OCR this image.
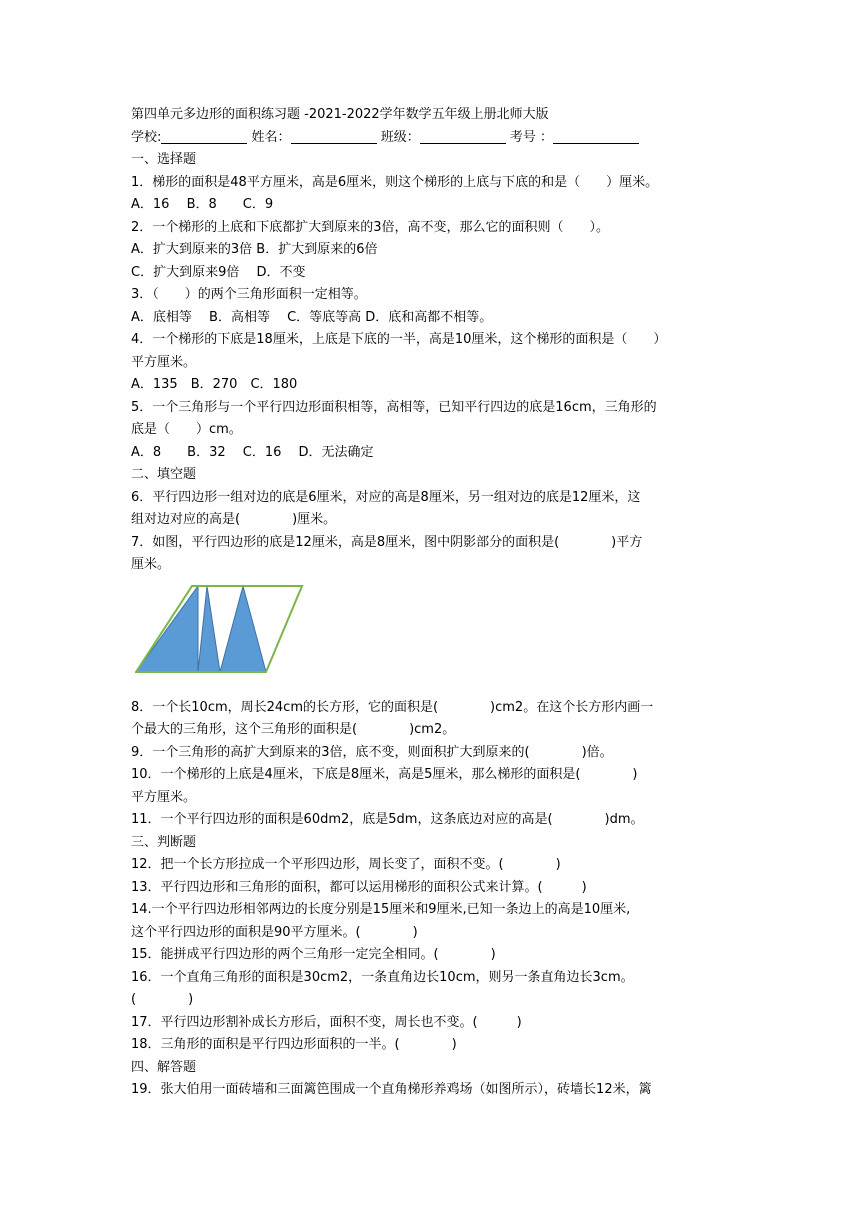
第四单元多边形的面积练习题 -2021-2022学年数学五年级上册北师大版
学校:	姓名：	班级：	考号 ：
一、选择题
1．梯形的面积是48平方厘米，高是6厘米，则这个梯形的上底与下底的和是（　　）厘米。
A．16　 B．8　　C．9
2．一个梯形的上底和下底都扩大到原来的3倍，高不变，那么它的面积则（　　）。
A．扩大到原来的3倍 B．扩大到原来的6倍
C．扩大到原来9倍　 D．不变
3．（　　）的两个三角形面积一定相等。
A．底相等　 B．高相等　 C．等底等高 D．底和高都不相等。
4．一个梯形的下底是18厘米，上底是下底的一半，高是10厘米，这个梯形的面积是（　　）
平方厘米。
A．135　B．270　C．180
5．一个三角形与一个平行四边形面积相等，高相等，已知平行四边的底是16cm，三角形的
底是（　　）cm。
A．8　　B．32　 C．16　 D．无法确定
二、填空题
6．平行四边形一组对边的底是6厘米，对应的高是8厘米，另一组对边的底是12厘米，这
组对边对应的高是(　　　　)厘米。
7．如图，平行四边形的底是12厘米，高是8厘米，图中阴影部分的面积是(　　　　)平方
厘米。
8．一个长10cm，周长24cm的长方形，它的面积是(　　　　)cm2。在这个长方形内画一
个最大的三角形，这个三角形的面积是(　　　　)cm2。
9．一个三角形的高扩大到原来的3倍，底不变，则面积扩大到原来的(　　　　)倍。
10．一个梯形的上底是4厘米，下底是8厘米，高是5厘米，那么梯形的面积是(　　　　)
平方厘米。
11．一个平行四边形的面积是60dm2，底是5dm，这条底边对应的高是(　　　　)dm。
三、判断题
12．把一个长方形拉成一个平形四边形，周长变了，面积不变。(　　　　)
13．平行四边形和三角形的面积，都可以运用梯形的面积公式来计算。(　　　)
14.一个平行四边形相邻两边的长度分别是15厘米和9厘米,已知一条边上的高是10厘米,
这个平行四边形的面积是90平方厘米。(　　　　)
15．能拼成平行四边形的两个三角形一定完全相同。(　　　　)
16．一个直角三角形的面积是30cm2，一条直角边长10cm，则另一条直角边长3cm。
(　　　　)
17．平行四边形割补成长方形后，面积不变，周长也不变。(　　　)
18．三角形的面积是平行四边形面积的一半。(　　　　)
四、解答题
19．张大伯用一面砖墙和三面篱笆围成一个直角梯形养鸡场（如图所示），砖墙长12米，篱
